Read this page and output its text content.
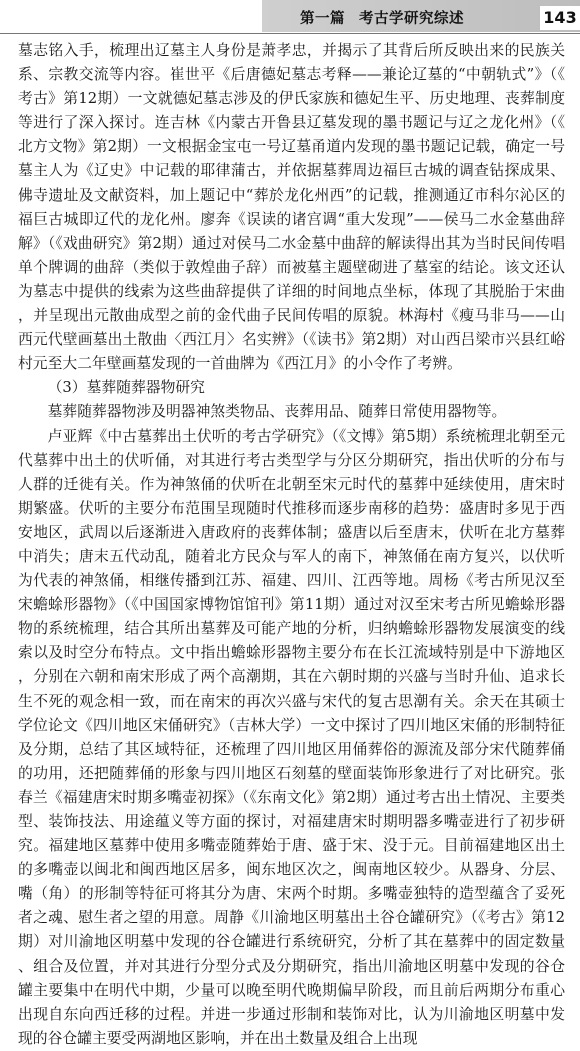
第一篇 考古学研究综述	143

墓志铭入手，梳理出辽墓主人身份是萧孝忠，并揭示了其背后所反映出来的民族关系、宗教交流等内容。崔世平《后唐德妃墓志考释——兼论辽墓的“中朝轨式”》（《考古》第12期）一文就德妃墓志涉及的伊氏家族和德妃生平、历史地理、丧葬制度等进行了深入探讨。连吉林《内蒙古开鲁县辽墓发现的墨书题记与辽之龙化州》（《北方文物》第2期）一文根据金宝屯一号辽墓甬道内发现的墨书题记记载，确定一号墓主人为《辽史》中记载的耶律蒲古，并依据墓葬周边福巨古城的调查钻探成果、佛寺遗址及文献资料，加上题记中“葬於龙化州西”的记载，推测通辽市科尔沁区的福巨古城即辽代的龙化州。廖奔《误读的诸宫调“重大发现”——侯马二水金墓曲辞解》（《戏曲研究》第2期）通过对侯马二水金墓中曲辞的解读得出其为当时民间传唱单个牌调的曲辞（类似于敦煌曲子辞）而被墓主题壁砌进了墓室的结论。该文还认为墓志中提供的线索为这些曲辞提供了详细的时间地点坐标，体现了其脱胎于宋曲，并呈现出元散曲成型之前的金代曲子民间传唱的原貌。林海村《瘦马非马——山西元代壁画墓出土散曲〈西江月〉名实辨》（《读书》第2期）对山西吕梁市兴县红峪村元至大二年壁画墓发现的一首曲牌为《西江月》的小令作了考辨。

（3）墓葬随葬器物研究

墓葬随葬器物涉及明器神煞类物品、丧葬用品、随葬日常使用器物等。

卢亚辉《中古墓葬出土伏听的考古学研究》（《文博》第5期）系统梳理北朝至元代墓葬中出土的伏听俑，对其进行考古类型学与分区分期研究，指出伏听的分布与人群的迁徙有关。作为神煞俑的伏听在北朝至宋元时代的墓葬中延续使用，唐宋时期繁盛。伏听的主要分布范围呈现随时代推移而逐步南移的趋势：盛唐时多见于西安地区，武周以后逐渐进入唐政府的丧葬体制；盛唐以后至唐末，伏听在北方墓葬中消失；唐末五代动乱，随着北方民众与军人的南下，神煞俑在南方复兴，以伏听为代表的神煞俑，相继传播到江苏、福建、四川、江西等地。周杨《考古所见汉至宋蟾蜍形器物》（《中国国家博物馆馆刊》第11期）通过对汉至宋考古所见蟾蜍形器物的系统梳理，结合其所出墓葬及可能产地的分析，归纳蟾蜍形器物发展演变的线索以及时空分布特点。文中指出蟾蜍形器物主要分布在长江流域特别是中下游地区，分别在六朝和南宋形成了两个高潮期，其在六朝时期的兴盛与当时升仙、追求长生不死的观念相一致，而在南宋的再次兴盛与宋代的复古思潮有关。余天在其硕士学位论文《四川地区宋俑研究》（吉林大学）一文中探讨了四川地区宋俑的形制特征及分期，总结了其区域特征，还梳理了四川地区用俑葬俗的源流及部分宋代随葬俑的功用，还把随葬俑的形象与四川地区石刻墓的壁面装饰形象进行了对比研究。张春兰《福建唐宋时期多嘴壶初探》（《东南文化》第2期）通过考古出土情况、主要类型、装饰技法、用途蕴义等方面的探讨，对福建唐宋时期明器多嘴壶进行了初步研究。福建地区墓葬中使用多嘴壶随葬始于唐、盛于宋、没于元。目前福建地区出土的多嘴壶以闽北和闽西地区居多，闽东地区次之，闽南地区较少。从器身、分层、嘴（角）的形制等特征可将其分为唐、宋两个时期。多嘴壶独特的造型蕴含了妥死者之魂、慰生者之望的用意。周静《川渝地区明墓出土谷仓罐研究》（《考古》第12期）对川渝地区明墓中发现的谷仓罐进行系统研究，分析了其在墓葬中的固定数量、组合及位置，并对其进行分型分式及分期研究，指出川渝地区明墓中发现的谷仓罐主要集中在明代中期，少量可以晚至明代晚期偏早阶段，而且前后两期分布重心出现自东向西迁移的过程。并进一步通过形制和装饰对比，认为川渝地区明墓中发现的谷仓罐主要受两湖地区影响，并在出土数量及组合上出现
